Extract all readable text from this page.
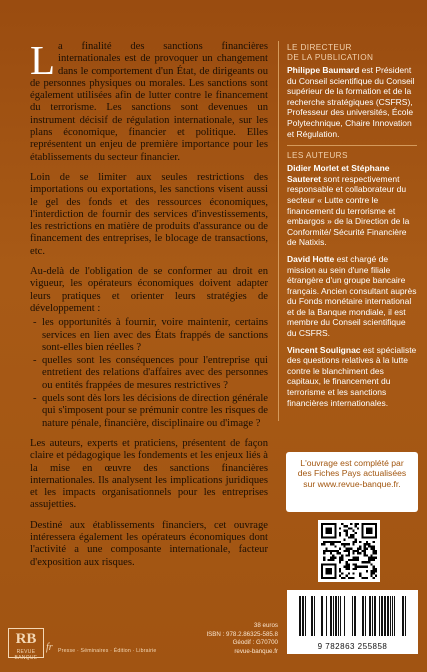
La finalité des sanctions financières internationales est de provoquer un changement dans le comportement d'un État, de dirigeants ou de personnes physiques ou morales. Les sanctions sont également utilisées afin de lutter contre le financement du terrorisme. Les sanctions sont devenues un instrument décisif de régulation internationale, sur les plans économique, financier et politique. Elles représentent un enjeu de première importance pour les établissements du secteur financier.

Loin de se limiter aux seules restrictions des importations ou exportations, les sanctions visent aussi le gel des fonds et des ressources économiques, l'interdiction de fournir des services d'investissements, les restrictions en matière de produits d'assurance ou de financement des entreprises, le blocage de transactions, etc.

Au-delà de l'obligation de se conformer au droit en vigueur, les opérateurs économiques doivent adapter leurs pratiques et orienter leurs stratégies de développement :

- les opportunités à fournir, voire maintenir, certains services en lien avec des États frappés de sanctions sont-elles bien réelles ?
- quelles sont les conséquences pour l'entreprise qui entretient des relations d'affaires avec des personnes ou entités frappées de mesures restrictives ?
- quels sont dès lors les décisions de direction générale qui s'imposent pour se prémunir contre les risques de nature pénale, financière, disciplinaire ou d'image ?

Les auteurs, experts et praticiens, présentent de façon claire et pédagogique les fondements et les enjeux liés à la mise en œuvre des sanctions financières internationales. Ils analysent les implications juridiques et les impacts organisationnels pour les entreprises assujetties.

Destiné aux établissements financiers, cet ouvrage intéressera également les opérateurs économiques dont l'activité a une composante internationale, facteur d'exposition aux risques.

LE DIRECTEUR
DE LA PUBLICATION
Philippe Baumard est Président du Conseil scientifique du Conseil supérieur de la formation et de la recherche stratégiques (CSFRS), Professeur des universités, École Polytechnique, Chaire Innovation et Régulation.
LES AUTEURS
Didier Morlet et Stéphane Sauteret sont respectivement responsable et collaborateur du secteur « Lutte contre le financement du terrorisme et embargos » de la Direction de la Conformité/ Sécurité Financière de Natixis.
David Hotte est chargé de mission au sein d'une filiale étrangère d'un groupe bancaire français. Ancien consultant auprès du Fonds monétaire international et de la Banque mondiale, il est membre du Conseil scientifique du CSFRS.
Vincent Soulignac est spécialiste des questions relatives à la lutte contre le blanchiment des capitaux, le financement du terrorisme et les sanctions financières internationales.
L'ouvrage est complété par des Fiches Pays actualisées sur www.revue-banque.fr.
9 782863 255858
RB
REVUE BANQUE
fr Presse · Séminaires · Édition · Librairie
38 euros
ISBN : 978.2.86325-585.8
Géodif : G70700
revue-banque.fr
